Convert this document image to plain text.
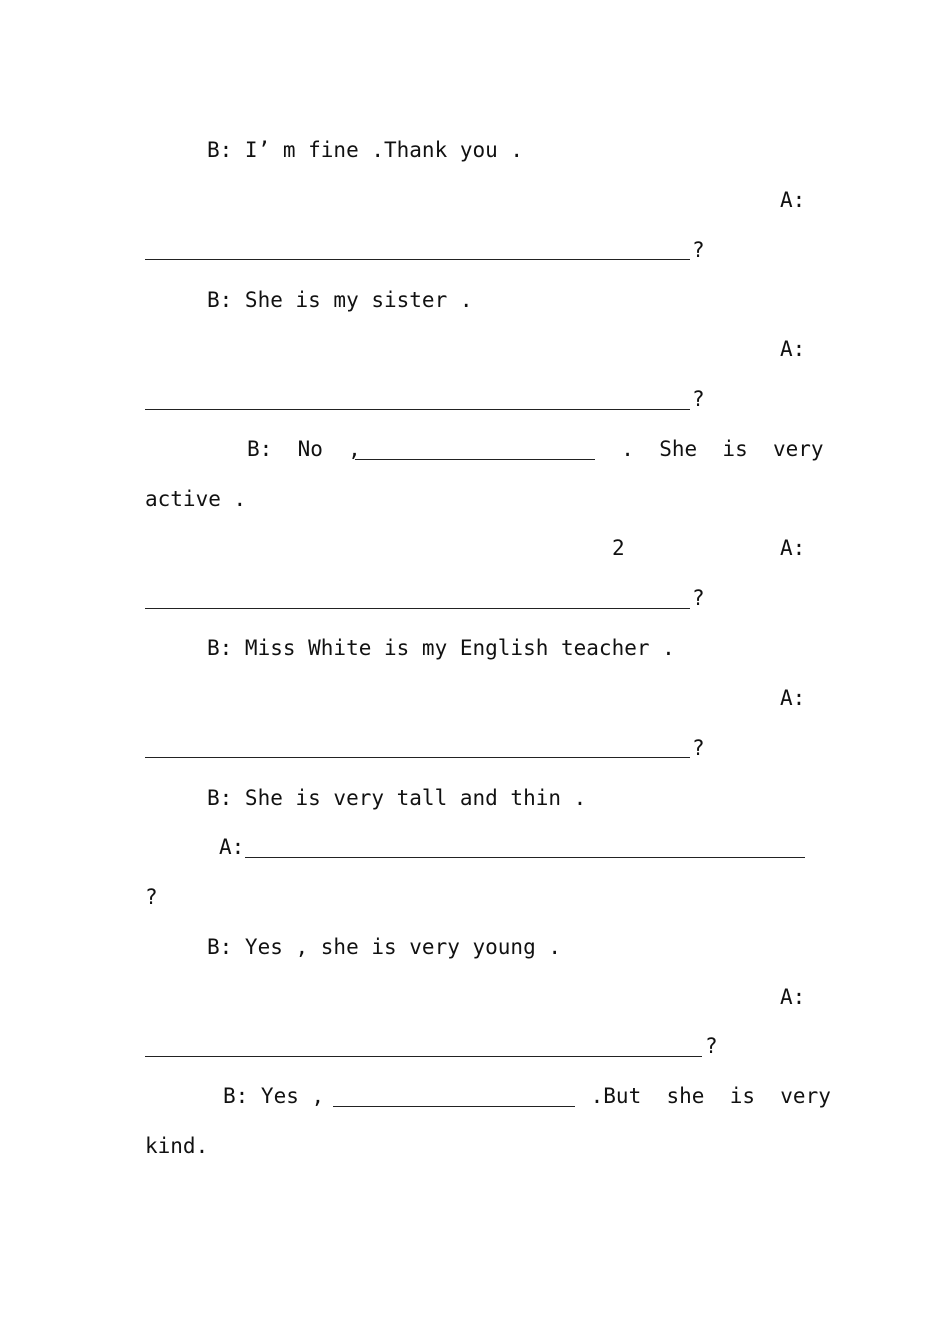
B: I’ m fine .Thank you .
A:
?
B: She is my sister .
A:
?
B:  No  ,	.  She  is  very
active .
2	A:
?
B: Miss White is my English teacher .
A:
?
B: She is very tall and thin .
A:
?
B: Yes , she is very young .
A:
?
B: Yes ,	.But  she  is  very
kind.
